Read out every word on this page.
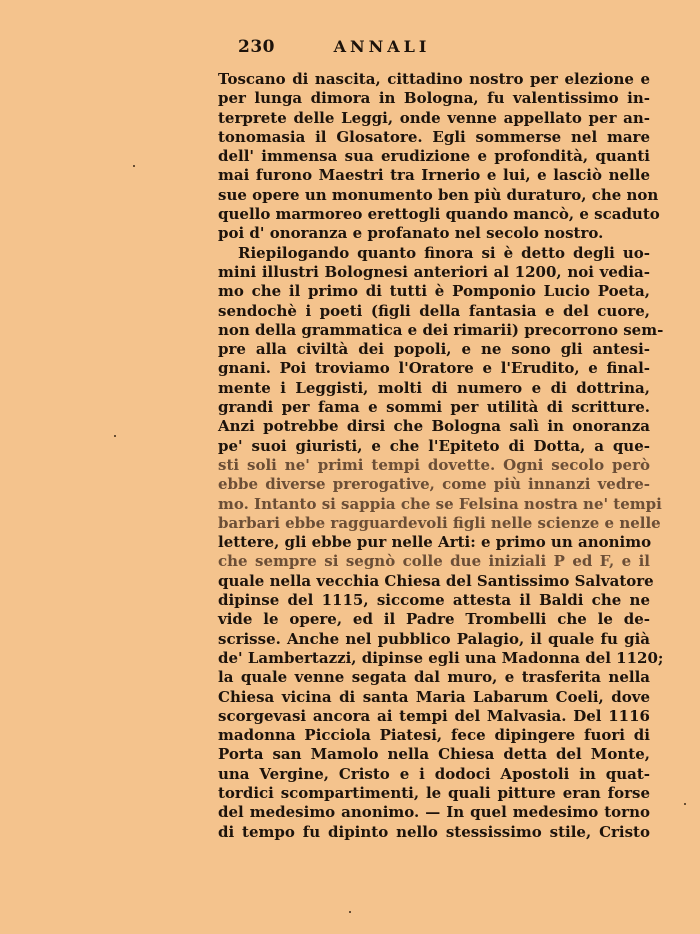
230	ANNALI
Toscano di nascita, cittadino nostro per elezione e
per lunga dimora in Bologna, fu valentissimo in-
terprete delle Leggi, onde venne appellato per an-
tonomasia il Glosatore. Egli sommerse nel mare
dell' immensa sua erudizione e profondità, quanti
mai furono Maestri tra Irnerio e lui, e lasciò nelle
sue opere un monumento ben più duraturo, che non
quello marmoreo erettogli quando mancò, e scaduto
poi d' onoranza e profanato nel secolo nostro.
Riepilogando quanto finora si è detto degli uo-
mini illustri Bolognesi anteriori al 1200, noi vedia-
mo che il primo di tutti è Pomponio Lucio Poeta,
sendochè i poeti (figli della fantasia e del cuore,
non della grammatica e dei rimarii) precorrono sem-
pre alla civiltà dei popoli, e ne sono gli antesi-
gnani. Poi troviamo l'Oratore e l'Erudito, e final-
mente i Leggisti, molti di numero e di dottrina,
grandi per fama e sommi per utilità di scritture.
Anzi potrebbe dirsi che Bologna salì in onoranza
pe' suoi giuristi, e che l'Epiteto di Dotta, a que-
sti soli ne' primi tempi dovette. Ogni secolo però
ebbe diverse prerogative, come più innanzi vedre-
mo. Intanto si sappia che se Felsina nostra ne' tempi
barbari ebbe ragguardevoli figli nelle scienze e nelle
lettere, gli ebbe pur nelle Arti: e primo un anonimo
che sempre si segnò colle due iniziali P ed F, e il
quale nella vecchia Chiesa del Santissimo Salvatore
dipinse del 1115, siccome attesta il Baldi che ne
vide le opere, ed il Padre Trombelli che le de-
scrisse. Anche nel pubblico Palagio, il quale fu già
de' Lambertazzi, dipinse egli una Madonna del 1120;
la quale venne segata dal muro, e trasferita nella
Chiesa vicina di santa Maria Labarum Coeli, dove
scorgevasi ancora ai tempi del Malvasia. Del 1116
madonna Picciola Piatesi, fece dipingere fuori di
Porta san Mamolo nella Chiesa detta del Monte,
una Vergine, Cristo e i dodoci Apostoli in quat-
tordici scompartimenti, le quali pitture eran forse
del medesimo anonimo. — In quel medesimo torno
di tempo fu dipinto nello stessissimo stile, Cristo
